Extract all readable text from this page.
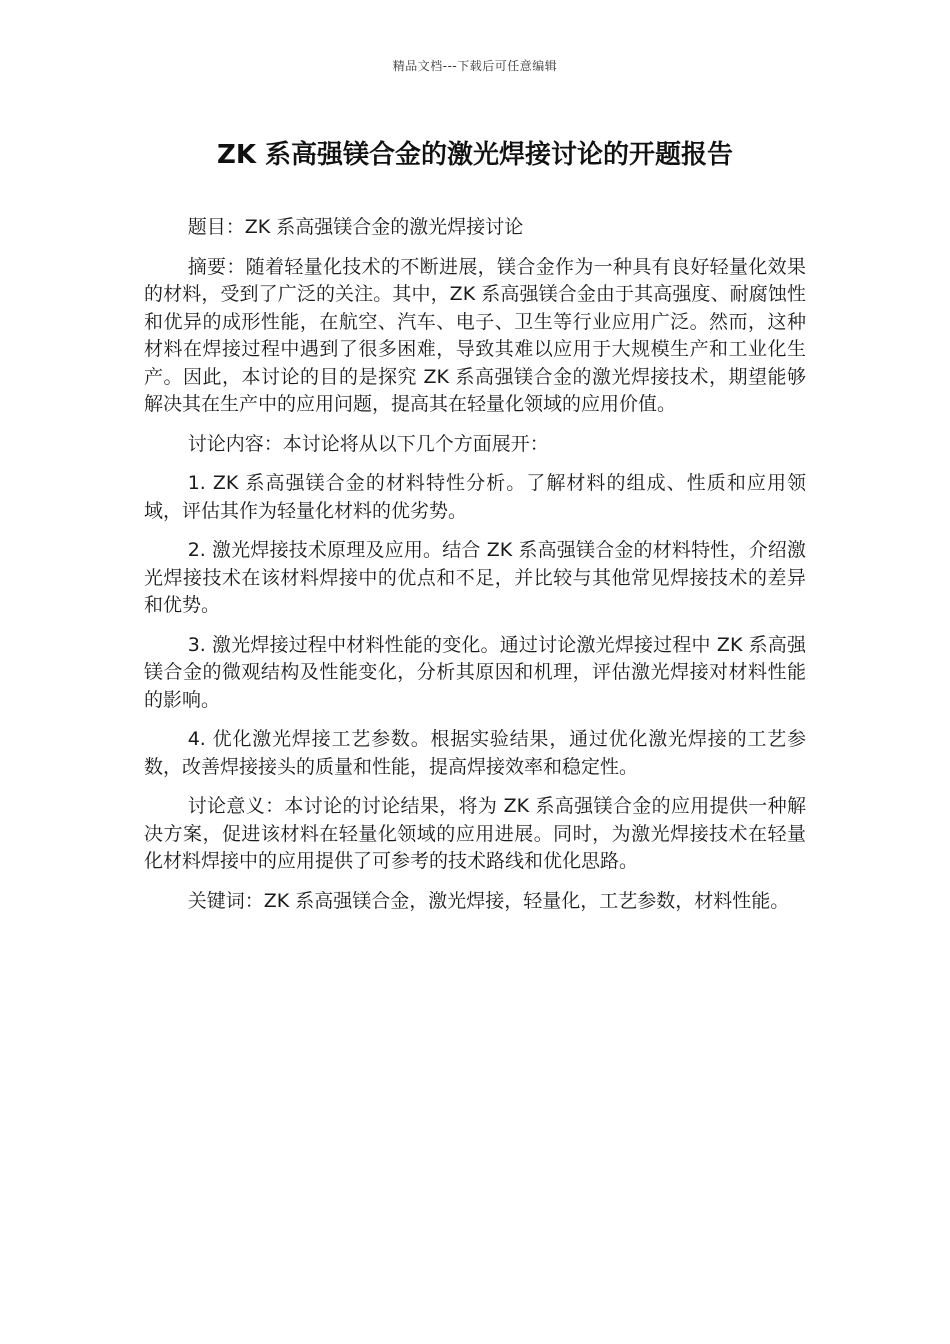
精品文档---下载后可任意编辑
ZK 系高强镁合金的激光焊接讨论的开题报告

题目：ZK 系高强镁合金的激光焊接讨论

摘要：随着轻量化技术的不断进展，镁合金作为一种具有良好轻量化效果的材料，受到了广泛的关注。其中，ZK 系高强镁合金由于其高强度、耐腐蚀性和优异的成形性能，在航空、汽车、电子、卫生等行业应用广泛。然而，这种材料在焊接过程中遇到了很多困难，导致其难以应用于大规模生产和工业化生产。因此，本讨论的目的是探究 ZK 系高强镁合金的激光焊接技术，期望能够解决其在生产中的应用问题，提高其在轻量化领域的应用价值。

讨论内容：本讨论将从以下几个方面展开：

1. ZK 系高强镁合金的材料特性分析。了解材料的组成、性质和应用领域，评估其作为轻量化材料的优劣势。

2. 激光焊接技术原理及应用。结合 ZK 系高强镁合金的材料特性，介绍激光焊接技术在该材料焊接中的优点和不足，并比较与其他常见焊接技术的差异和优势。

3. 激光焊接过程中材料性能的变化。通过讨论激光焊接过程中 ZK 系高强镁合金的微观结构及性能变化，分析其原因和机理，评估激光焊接对材料性能的影响。

4. 优化激光焊接工艺参数。根据实验结果，通过优化激光焊接的工艺参数，改善焊接接头的质量和性能，提高焊接效率和稳定性。

讨论意义：本讨论的讨论结果，将为 ZK 系高强镁合金的应用提供一种解决方案，促进该材料在轻量化领域的应用进展。同时，为激光焊接技术在轻量化材料焊接中的应用提供了可参考的技术路线和优化思路。

关键词：ZK 系高强镁合金，激光焊接，轻量化，工艺参数，材料性能。
